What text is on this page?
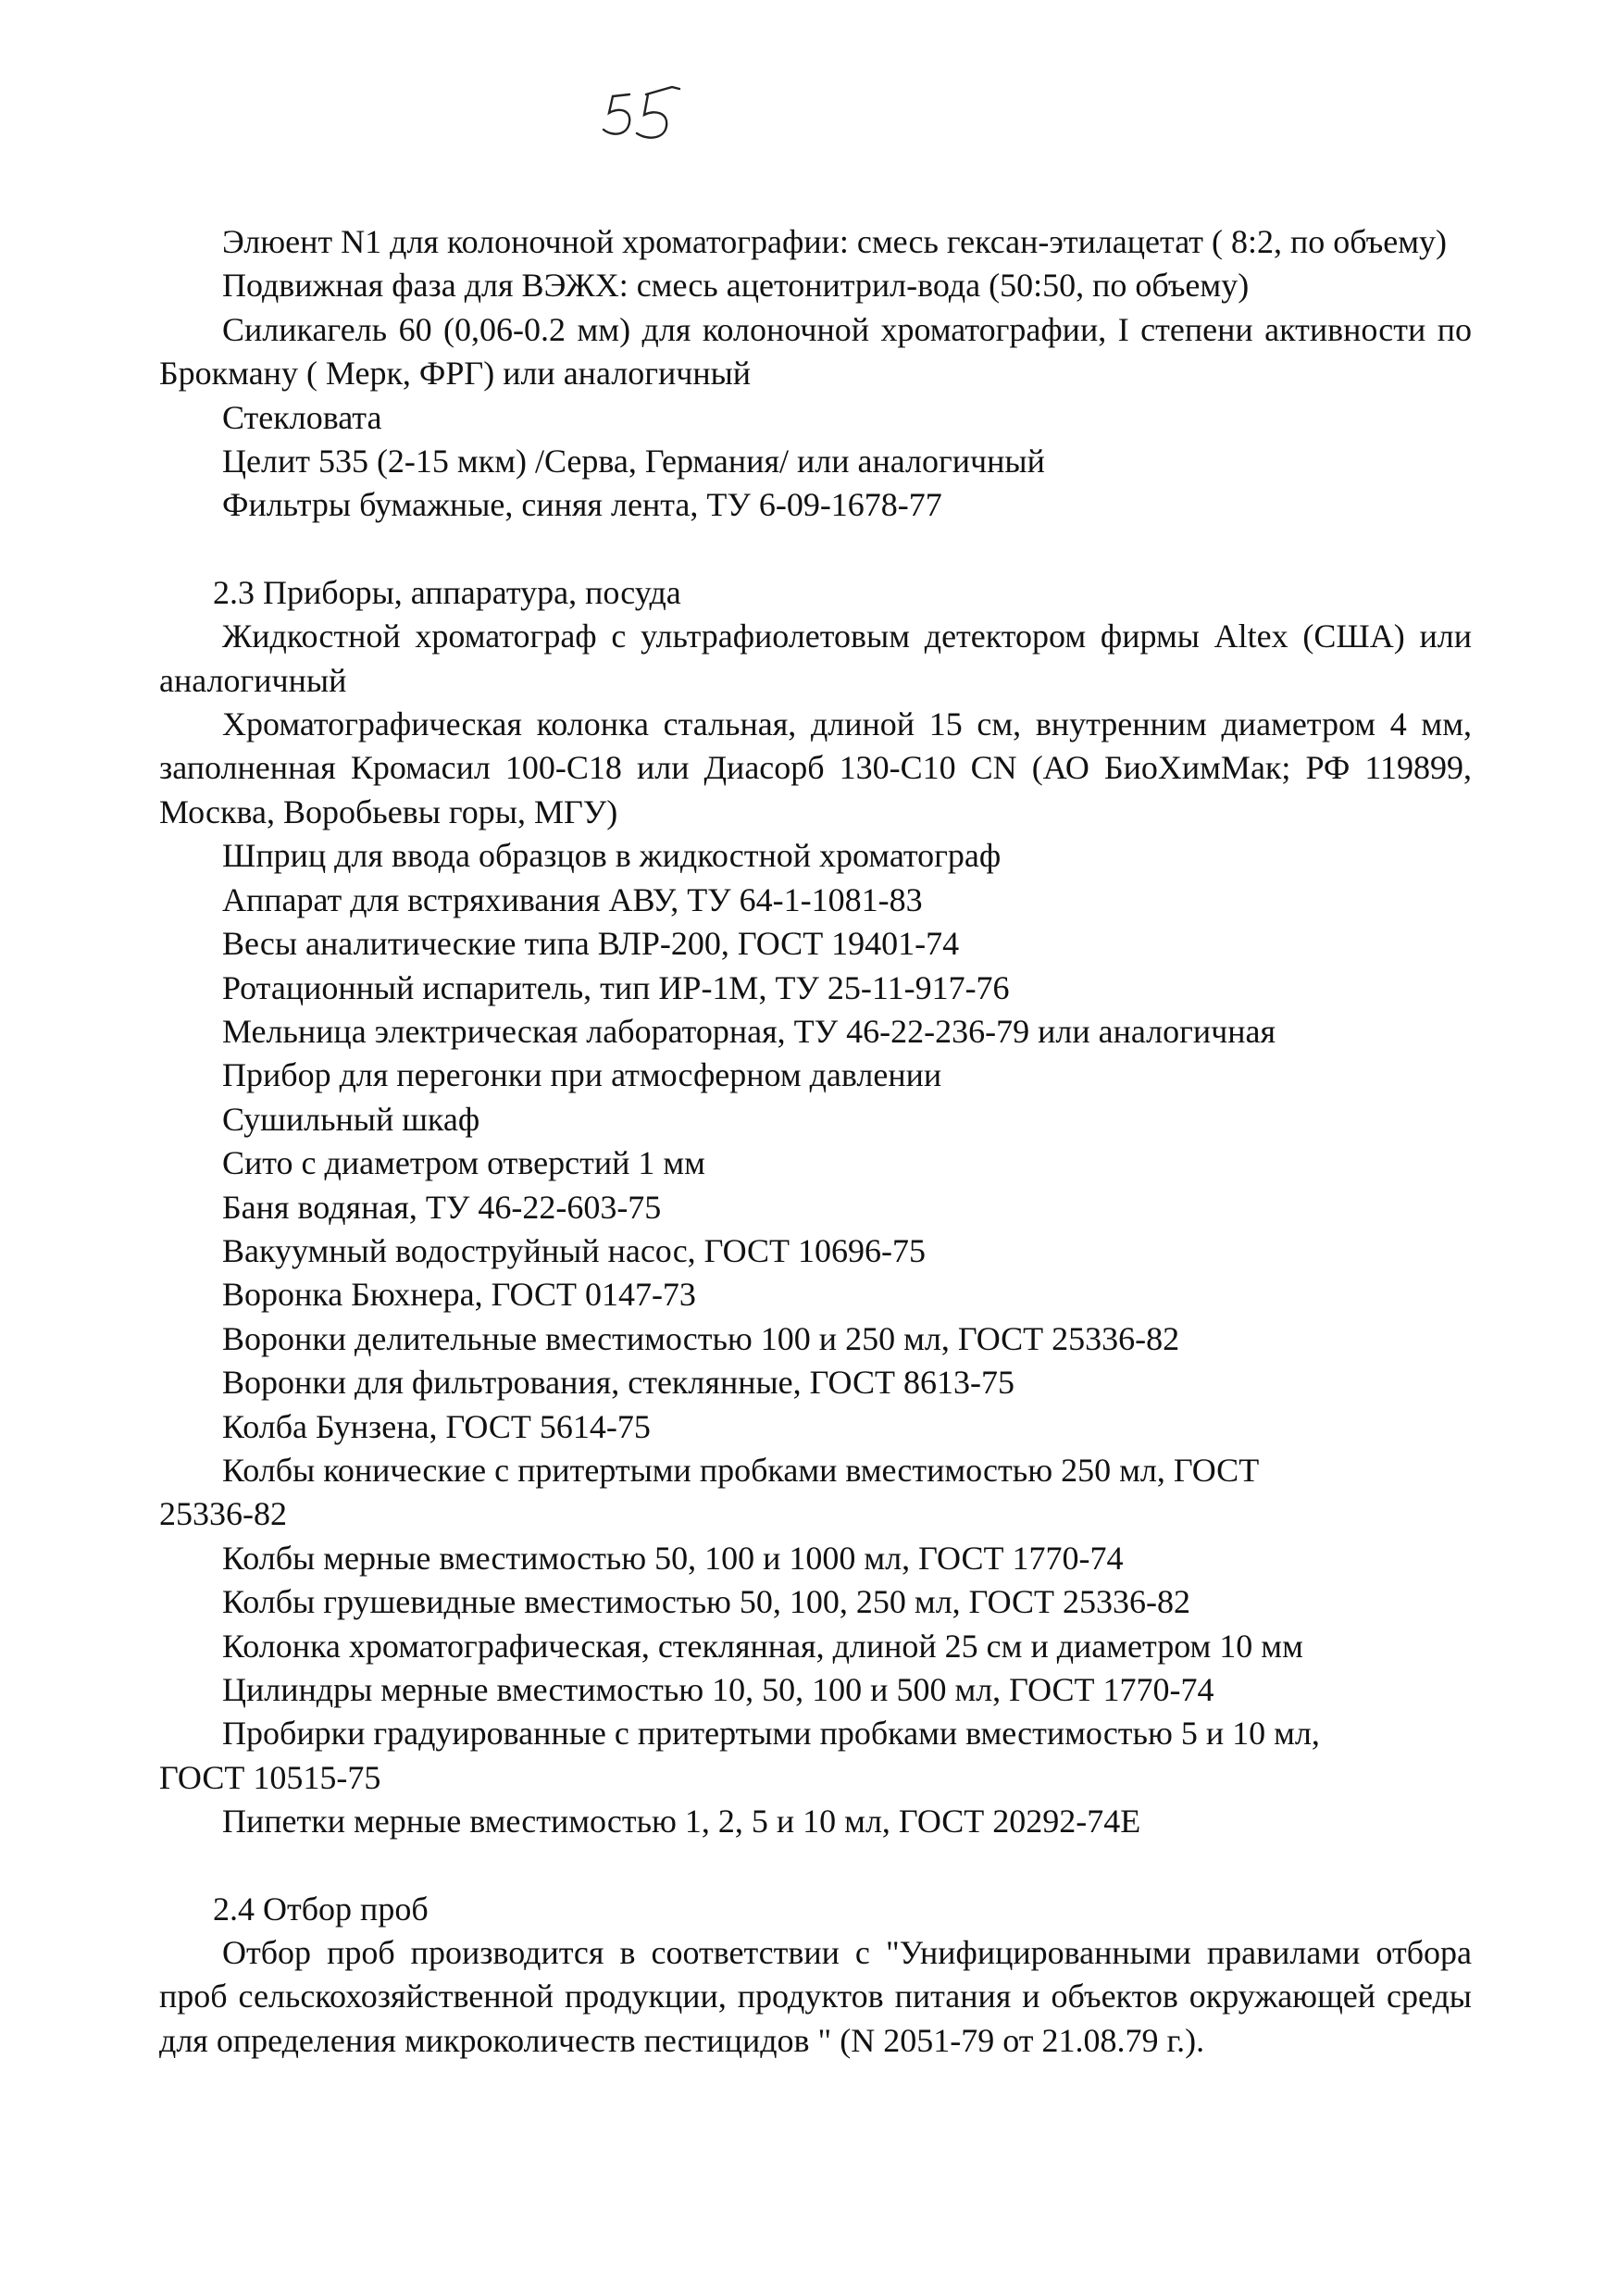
Элюент N1 для колоночной хроматографии: смесь гексан-этилацетат ( 8:2, по объему)

Подвижная фаза для ВЭЖХ: смесь ацетонитрил-вода (50:50, по объему)

Силикагель 60 (0,06-0.2 мм) для колоночной хроматографии, I степени активности по Брокману ( Мерк, ФРГ) или аналогичный

Стекловата

Целит 535 (2-15 мкм) /Серва, Германия/ или аналогичный

Фильтры бумажные, синяя лента, ТУ 6-09-1678-77

2.3 Приборы, аппаратура, посуда

Жидкостной хроматограф с ультрафиолетовым детектором фирмы Altex (США) или аналогичный

Хроматографическая колонка стальная, длиной 15 см, внутренним диаметром 4 мм, заполненная Кромасил 100-С18 или Диасорб 130-С10 CN (АО БиоХимМак; РФ 119899, Москва, Воробьевы горы, МГУ)

Шприц для ввода образцов в жидкостной хроматограф
Аппарат для встряхивания АВУ, ТУ 64-1-1081-83
Весы аналитические типа ВЛР-200, ГОСТ 19401-74
Ротационный испаритель, тип ИР-1М, ТУ 25-11-917-76
Мельница электрическая лабораторная, ТУ 46-22-236-79 или аналогичная
Прибор для перегонки при атмосферном давлении
Сушильный шкаф
Сито с диаметром отверстий 1 мм
Баня водяная, ТУ 46-22-603-75
Вакуумный водоструйный насос, ГОСТ 10696-75
Воронка Бюхнера, ГОСТ 0147-73
Воронки делительные вместимостью 100 и 250 мл, ГОСТ 25336-82
Воронки для фильтрования, стеклянные, ГОСТ 8613-75
Колба Бунзена, ГОСТ 5614-75
Колбы конические с притертыми пробками вместимостью 250 мл, ГОСТ
25336-82
Колбы мерные вместимостью 50, 100 и 1000 мл, ГОСТ 1770-74
Колбы грушевидные вместимостью 50, 100, 250 мл, ГОСТ 25336-82
Колонка хроматографическая, стеклянная, длиной 25 см и диаметром 10 мм
Цилиндры мерные вместимостью 10, 50, 100 и 500 мл, ГОСТ 1770-74
Пробирки градуированные с притертыми пробками вместимостью 5 и 10 мл,
ГОСТ 10515-75
Пипетки мерные вместимостью 1, 2, 5 и 10 мл, ГОСТ 20292-74Е

2.4 Отбор проб

Отбор проб производится в соответствии с "Унифицированными правилами отбора проб сельскохозяйственной продукции, продуктов питания и объектов окружающей среды для определения микроколичеств пестицидов " (N 2051-79 от 21.08.79 г.).
